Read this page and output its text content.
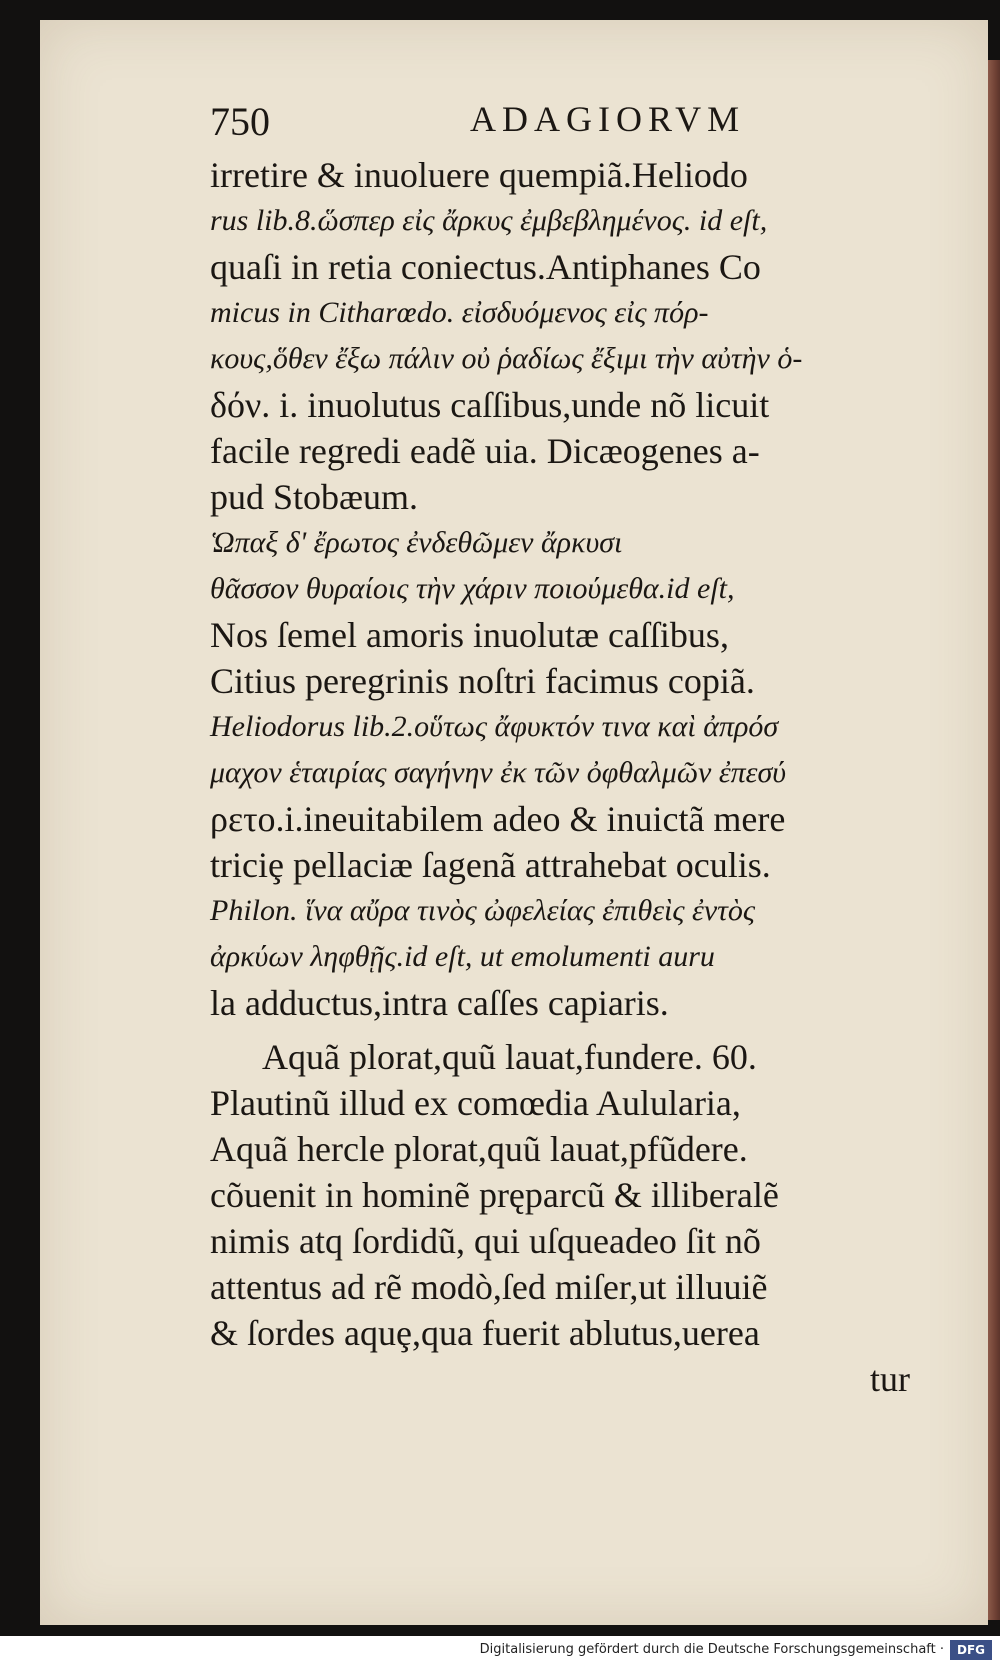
750	ADAGIORVM
irretire & inuoluere quempiã.Heliodo
rus lib.8.ὥσπερ εἰς ἄρκυς ἐμβεβλημένος. id eſt,
quaſi in retia coniectus.Antiphanes Co
micus in Citharœdo. εἰσδυόμενος εἰς πόρ-
κους,ὅθεν ἔξω πάλιν οὐ ῥαδίως ἔξιμι τὴν αὐτὴν ὁ-
δόν. i. inuolutus caſſibus,unde nõ licuit
facile regredi eadẽ uia. Dicæogenes a-
pud Stobæum.
Ὡπαξ δ' ἔρωτος ἐνδεθῶμεν ἄρκυσι
θᾶσσον θυραίοις τὴν χάριν ποιούμεθα.id eſt,
Nos ſemel amoris inuolutæ caſſibus,
Citius peregrinis noſtri facimus copiã.
Heliodorus lib.2.οὕτως ἄφυκτόν τινα καὶ ἀπρόσ
μαχον ἑταιρίας σαγήνην ἐκ τῶν ὀφθαλμῶν ἐπεσύ
ρετο.i.ineuitabilem adeo & inuictã mere
triciȩ pellaciæ ſagenã attrahebat oculis.
Philon. ἵνα αὔρα τινὸς ὠφελείας ἐπιθεὶς ἐντὸς
ἀρκύων ληφθῇς.id eſt, ut emolumenti auru
la adductus,intra caſſes capiaris.
Aquã plorat,quũ lauat,fundere. 60.
Plautinũ illud ex comœdia Aulularia,
Aquã hercle plorat,quũ lauat,pfũdere.
cõuenit in hominẽ pręparcũ & illiberalẽ
nimis atq ſordidũ, qui uſqueadeo ſit nõ
attentus ad rẽ modò,ſed miſer,ut illuuiẽ
& ſordes aquȩ,qua fuerit ablutus,uerea
tur
Digitalisierung gefördert durch die Deutsche Forschungsgemeinschaft ·	DFG
